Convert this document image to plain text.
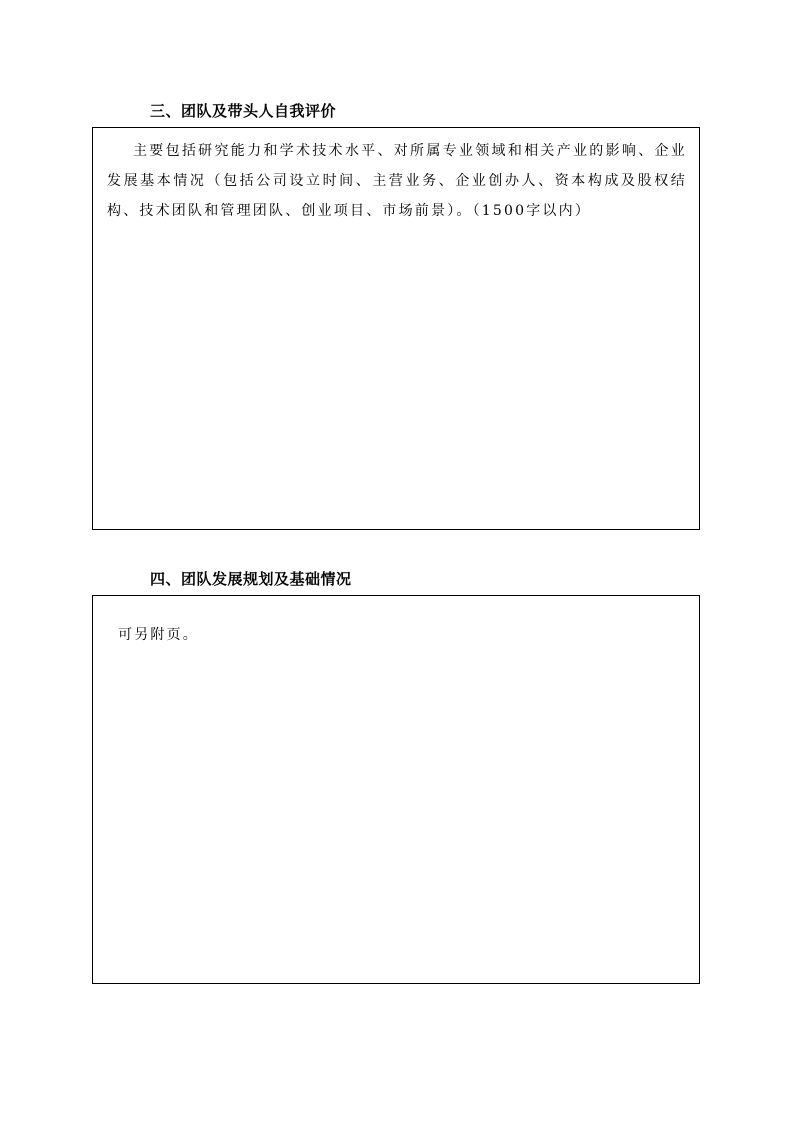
三、团队及带头人自我评价
主要包括研究能力和学术技术水平、对所属专业领域和相关产业的影响、企业发展基本情况（包括公司设立时间、主营业务、企业创办人、资本构成及股权结构、技术团队和管理团队、创业项目、市场前景）。（1500字以内）
四、团队发展规划及基础情况
可另附页。
